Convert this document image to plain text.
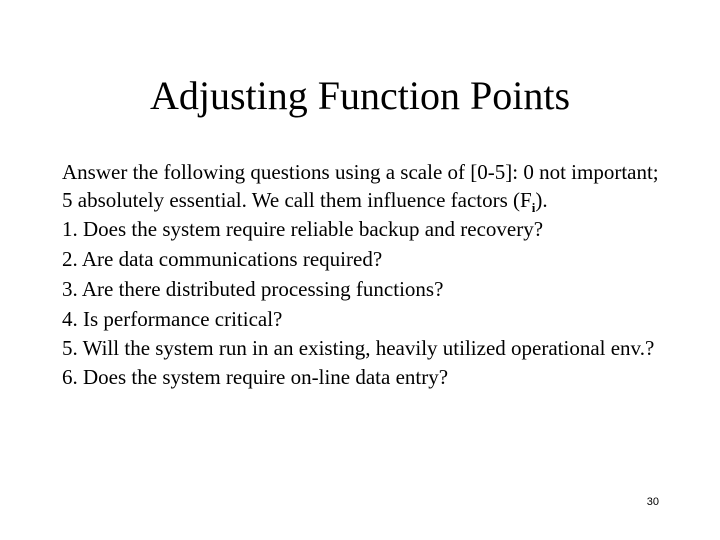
Adjusting Function Points

Answer the following questions using a scale of [0-5]: 0 not important; 5 absolutely essential. We call them influence factors $(F_i)$.

1. Does the system require reliable backup and recovery?

2. Are data communications required?

3. Are there distributed processing functions?

4. Is performance critical?

5. Will the system run in an existing, heavily utilized operational env.?

6. Does the system require on-line data entry?

30
